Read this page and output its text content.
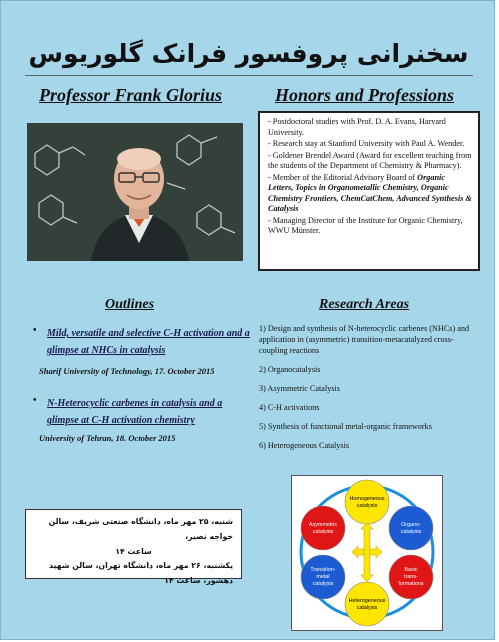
سخنرانی پروفسور فرانک گلوریوس
Professor Frank Glorius	Honors and Professions

- Postdoctoral studies with Prof. D. A. Evans, Harvard University.

- Research stay at Stanford University with Paul A. Wender.

- Goldener Brendel Award (Award for excellent teaching from the students of the Department of Chemistry & Pharmacy).

- Member of the Editorial Advisory Board of Organic Letters, Topics in Organometallic Chemistry, Organic Chemistry Frontiers, ChemCatChem, Advanced Synthesis & Catalysis

- Managing Director of the Institute for Organic Chemistry, WWU Münster.

Outlines	Research Areas
• Mild, versatile and selective C-H activation and a glimpse at NHCs in catalysis
Sharif University of Technology, 17. October 2015
• N-Heterocyclic carbenes in catalysis and a glimpse at C-H activation chemistry
University of Tehran, 18. October 2015

1) Design and synthesis of N-heterocyclic carbenes (NHCs) and application in (asymmetric) transition-metacatalyzed cross-coupling reactions

2) Organocatalysis

3) Asymmetric Catalysis

4) C-H activations

5) Synthesis of functional metal-organic frameworks

6) Heterogeneous Catalysis

شنبه، ۲۵ مهر ماه، دانشگاه صنعتی شریف، سالن خواجه نصیر،
ساعت ۱۴
یکشنبه، ۲۶ مهر ماه، دانشگاه تهران، سالن شهید دهشور، ساعت ۱۴
Homogeneous
catalysis
Asymmetric
catalysis
Organo-
catalysis
Transition-
metal
catalysis
Basic
trans-
formations
Heterogeneous
catalysis
